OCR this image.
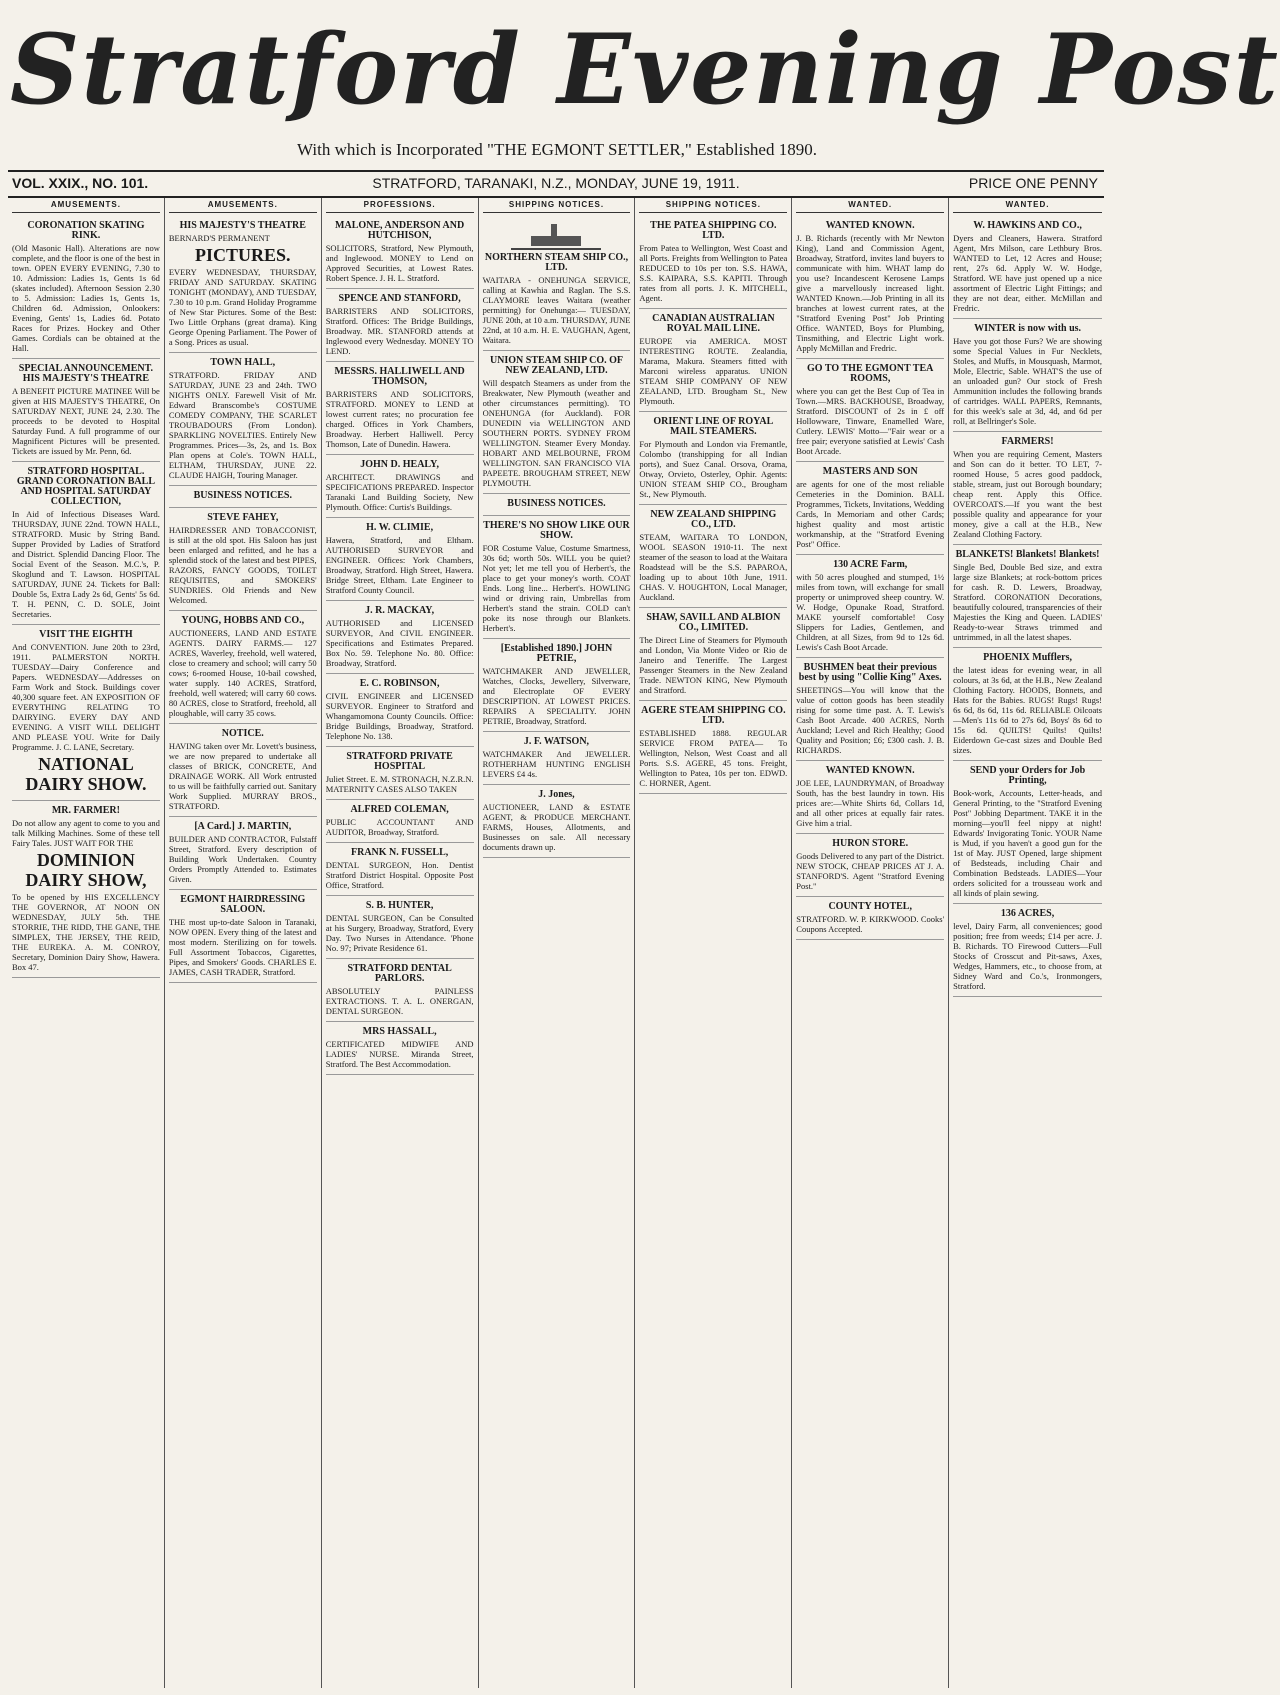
Stratford Evening Post
With which is Incorporated "THE EGMONT SETTLER," Established 1890.
VOL. XXIX., NO. 101.	STRATFORD, TARANAKI, N.Z., MONDAY, JUNE 19, 1911.	PRICE ONE PENNY
AMUSEMENTS.
CORONATION SKATING RINK.

(Old Masonic Hall). Alterations are now complete, and the floor is one of the best in town. OPEN EVERY EVENING, 7.30 to 10. Admission: Ladies 1s, Gents 1s 6d (skates included). Afternoon Session 2.30 to 5. Admission: Ladies 1s, Gents 1s, Children 6d. Admission, Onlookers: Evening, Gents' 1s, Ladies 6d. Potato Races for Prizes. Hockey and Other Games. Cordials can be obtained at the Hall.

SPECIAL ANNOUNCEMENT. HIS MAJESTY'S THEATRE

A BENEFIT PICTURE MATINEE Will be given at HIS MAJESTY'S THEATRE, On SATURDAY NEXT, JUNE 24, 2.30. The proceeds to be devoted to Hospital Saturday Fund. A full programme of our Magnificent Pictures will be presented. Tickets are issued by Mr. Penn, 6d.

STRATFORD HOSPITAL. GRAND CORONATION BALL AND HOSPITAL SATURDAY COLLECTION,

In Aid of Infectious Diseases Ward. THURSDAY, JUNE 22nd. TOWN HALL, STRATFORD. Music by String Band. Supper Provided by Ladies of Stratford and District. Splendid Dancing Floor. The Social Event of the Season. M.C.'s, P. Skoglund and T. Lawson. HOSPITAL SATURDAY, JUNE 24. Tickets for Ball: Double 5s, Extra Lady 2s 6d, Gents' 5s 6d. T. H. PENN, C. D. SOLE, Joint Secretaries.

VISIT THE EIGHTH

And CONVENTION. June 20th to 23rd, 1911. PALMERSTON NORTH. TUESDAY—Dairy Conference and Papers. WEDNESDAY—Addresses on Farm Work and Stock. Buildings cover 40,300 square feet. AN EXPOSITION OF EVERYTHING RELATING TO DAIRYING. EVERY DAY AND EVENING. A VISIT WILL DELIGHT AND PLEASE YOU. Write for Daily Programme. J. C. LANE, Secretary.

NATIONAL DAIRY SHOW.
MR. FARMER!

Do not allow any agent to come to you and talk Milking Machines. Some of these tell Fairy Tales. JUST WAIT FOR THE

DOMINION DAIRY SHOW,

To be opened by HIS EXCELLENCY THE GOVERNOR, AT NOON ON WEDNESDAY, JULY 5th. THE STORRIE, THE RIDD, THE GANE, THE SIMPLEX, THE JERSEY, THE REID, THE EUREKA. A. M. CONROY, Secretary, Dominion Dairy Show, Hawera. Box 47.

AMUSEMENTS.
HIS MAJESTY'S THEATRE

BERNARD'S PERMANENT

PICTURES.

EVERY WEDNESDAY, THURSDAY, FRIDAY AND SATURDAY. SKATING TONIGHT (MONDAY), AND TUESDAY, 7.30 to 10 p.m. Grand Holiday Programme of New Star Pictures. Some of the Best: Two Little Orphans (great drama). King George Opening Parliament. The Power of a Song. Prices as usual.

TOWN HALL,

STRATFORD. FRIDAY AND SATURDAY, JUNE 23 and 24th. TWO NIGHTS ONLY. Farewell Visit of Mr. Edward Branscombe's COSTUME COMEDY COMPANY, THE SCARLET TROUBADOURS (From London). SPARKLING NOVELTIES. Entirely New Programmes. Prices—3s, 2s, and 1s. Box Plan opens at Cole's. TOWN HALL, ELTHAM, THURSDAY, JUNE 22. CLAUDE HAIGH, Touring Manager.

BUSINESS NOTICES.
STEVE FAHEY,

HAIRDRESSER AND TOBACCONIST, is still at the old spot. His Saloon has just been enlarged and refitted, and he has a splendid stock of the latest and best PIPES, RAZORS, FANCY GOODS, TOILET REQUISITES, and SMOKERS' SUNDRIES. Old Friends and New Welcomed.

YOUNG, HOBBS AND CO.,

AUCTIONEERS, LAND AND ESTATE AGENTS. DAIRY FARMS.— 127 ACRES, Waverley, freehold, well watered, close to creamery and school; will carry 50 cows; 6-roomed House, 10-bail cowshed, water supply. 140 ACRES, Stratford, freehold, well watered; will carry 60 cows. 80 ACRES, close to Stratford, freehold, all ploughable, will carry 35 cows.

NOTICE.

HAVING taken over Mr. Lovett's business, we are now prepared to undertake all classes of BRICK, CONCRETE, And DRAINAGE WORK. All Work entrusted to us will be faithfully carried out. Sanitary Work Supplied. MURRAY BROS., STRATFORD.

[A Card.] J. MARTIN,

BUILDER AND CONTRACTOR, Fulstaff Street, Stratford. Every description of Building Work Undertaken. Country Orders Promptly Attended to. Estimates Given.

EGMONT HAIRDRESSING SALOON.

THE most up-to-date Saloon in Taranaki, NOW OPEN. Every thing of the latest and most modern. Sterilizing on for towels. Full Assortment Tobaccos, Cigarettes, Pipes, and Smokers' Goods. CHARLES E. JAMES, CASH TRADER, Stratford.

PROFESSIONS.
MALONE, ANDERSON AND HUTCHISON,

SOLICITORS, Stratford, New Plymouth, and Inglewood. MONEY to Lend on Approved Securities, at Lowest Rates. Robert Spence. J. H. L. Stratford.

SPENCE AND STANFORD,

BARRISTERS AND SOLICITORS, Stratford. Offices: The Bridge Buildings, Broadway. MR. STANFORD attends at Inglewood every Wednesday. MONEY TO LEND.

MESSRS. HALLIWELL AND THOMSON,

BARRISTERS AND SOLICITORS, STRATFORD. MONEY to LEND at lowest current rates; no procuration fee charged. Offices in York Chambers, Broadway. Herbert Halliwell. Percy Thomson, Late of Dunedin. Hawera.

JOHN D. HEALY,

ARCHITECT. DRAWINGS and SPECIFICATIONS PREPARED. Inspector Taranaki Land Building Society, New Plymouth. Office: Curtis's Buildings.

H. W. CLIMIE,

Hawera, Stratford, and Eltham. AUTHORISED SURVEYOR and ENGINEER. Offices: York Chambers, Broadway, Stratford. High Street, Hawera. Bridge Street, Eltham. Late Engineer to Stratford County Council.

J. R. MACKAY,

AUTHORISED and LICENSED SURVEYOR, And CIVIL ENGINEER. Specifications and Estimates Prepared. Box No. 59. Telephone No. 80. Office: Broadway, Stratford.

E. C. ROBINSON,

CIVIL ENGINEER and LICENSED SURVEYOR. Engineer to Stratford and Whangamomona County Councils. Office: Bridge Buildings, Broadway, Stratford. Telephone No. 138.

STRATFORD PRIVATE HOSPITAL

Juliet Street. E. M. STRONACH, N.Z.R.N. MATERNITY CASES ALSO TAKEN

ALFRED COLEMAN,

PUBLIC ACCOUNTANT AND AUDITOR, Broadway, Stratford.

FRANK N. FUSSELL,

DENTAL SURGEON, Hon. Dentist Stratford District Hospital. Opposite Post Office, Stratford.

S. B. HUNTER,

DENTAL SURGEON, Can be Consulted at his Surgery, Broadway, Stratford, Every Day. Two Nurses in Attendance. 'Phone No. 97; Private Residence 61.

STRATFORD DENTAL PARLORS.

ABSOLUTELY PAINLESS EXTRACTIONS. T. A. L. ONERGAN, DENTAL SURGEON.

MRS HASSALL,

CERTIFICATED MIDWIFE AND LADIES' NURSE. Miranda Street, Stratford. The Best Accommodation.

SHIPPING NOTICES.
NORTHERN STEAM SHIP CO., LTD.

WAITARA - ONEHUNGA SERVICE, calling at Kawhia and Raglan. The S.S. CLAYMORE leaves Waitara (weather permitting) for Onehunga:— TUESDAY, JUNE 20th, at 10 a.m. THURSDAY, JUNE 22nd, at 10 a.m. H. E. VAUGHAN, Agent, Waitara.

UNION STEAM SHIP CO. OF NEW ZEALAND, LTD.

Will despatch Steamers as under from the Breakwater, New Plymouth (weather and other circumstances permitting). TO ONEHUNGA (for Auckland). FOR DUNEDIN via WELLINGTON AND SOUTHERN PORTS. SYDNEY FROM WELLINGTON. Steamer Every Monday. HOBART AND MELBOURNE, FROM WELLINGTON. SAN FRANCISCO VIA PAPEETE. BROUGHAM STREET, NEW PLYMOUTH.

BUSINESS NOTICES.
THERE'S NO SHOW LIKE OUR SHOW.

FOR Costume Value, Costume Smartness, 30s 6d; worth 50s. WILL you be quiet? Not yet; let me tell you of Herbert's, the place to get your money's worth. COAT Ends. Long line... Herbert's. HOWLING wind or driving rain, Umbrellas from Herbert's stand the strain. COLD can't poke its nose through our Blankets. Herbert's.

[Established 1890.] JOHN PETRIE,

WATCHMAKER AND JEWELLER, Watches, Clocks, Jewellery, Silverware, and Electroplate OF EVERY DESCRIPTION. AT LOWEST PRICES. REPAIRS A SPECIALITY. JOHN PETRIE, Broadway, Stratford.

J. F. WATSON,

WATCHMAKER And JEWELLER. ROTHERHAM HUNTING ENGLISH LEVERS £4 4s.

J. Jones,

AUCTIONEER, LAND & ESTATE AGENT, & PRODUCE MERCHANT. FARMS, Houses, Allotments, and Businesses on sale. All necessary documents drawn up.

SHIPPING NOTICES.
THE PATEA SHIPPING CO. LTD.

From Patea to Wellington, West Coast and all Ports. Freights from Wellington to Patea REDUCED to 10s per ton. S.S. HAWA, S.S. KAIPARA, S.S. KAPITI. Through rates from all ports. J. K. MITCHELL, Agent.

CANADIAN AUSTRALIAN ROYAL MAIL LINE.

EUROPE via AMERICA. MOST INTERESTING ROUTE. Zealandia, Marama, Makura. Steamers fitted with Marconi wireless apparatus. UNION STEAM SHIP COMPANY OF NEW ZEALAND, LTD. Brougham St., New Plymouth.

ORIENT LINE OF ROYAL MAIL STEAMERS.

For Plymouth and London via Fremantle, Colombo (transhipping for all Indian ports), and Suez Canal. Orsova, Orama, Otway, Orvieto, Osterley, Ophir. Agents: UNION STEAM SHIP CO., Brougham St., New Plymouth.

NEW ZEALAND SHIPPING CO., LTD.

STEAM, WAITARA TO LONDON, WOOL SEASON 1910-11. The next steamer of the season to load at the Waitara Roadstead will be the S.S. PAPAROA, loading up to about 10th June, 1911. CHAS. V. HOUGHTON, Local Manager, Auckland.

SHAW, SAVILL AND ALBION CO., LIMITED.

The Direct Line of Steamers for Plymouth and London, Via Monte Video or Rio de Janeiro and Teneriffe. The Largest Passenger Steamers in the New Zealand Trade. NEWTON KING, New Plymouth and Stratford.

AGERE STEAM SHIPPING CO. LTD.

ESTABLISHED 1888. REGULAR SERVICE FROM PATEA— To Wellington, Nelson, West Coast and all Ports. S.S. AGERE, 45 tons. Freight, Wellington to Patea, 10s per ton. EDWD. C. HORNER, Agent.

WANTED.
WANTED KNOWN.

J. B. Richards (recently with Mr Newton King), Land and Commission Agent, Broadway, Stratford, invites land buyers to communicate with him. WHAT lamp do you use? Incandescent Kerosene Lamps give a marvellously increased light. WANTED Known.—Job Printing in all its branches at lowest current rates, at the "Stratford Evening Post" Job Printing Office. WANTED, Boys for Plumbing, Tinsmithing, and Electric Light work. Apply McMillan and Fredric.

GO TO THE EGMONT TEA ROOMS,

where you can get the Best Cup of Tea in Town.—MRS. BACKHOUSE, Broadway, Stratford. DISCOUNT of 2s in £ off Hollowware, Tinware, Enamelled Ware, Cutlery. LEWIS' Motto—"Fair wear or a free pair; everyone satisfied at Lewis' Cash Boot Arcade.

MASTERS AND SON

are agents for one of the most reliable Cemeteries in the Dominion. BALL Programmes, Tickets, Invitations, Wedding Cards, In Memoriam and other Cards; highest quality and most artistic workmanship, at the "Stratford Evening Post" Office.

130 ACRE Farm,

with 50 acres ploughed and stumped, 1½ miles from town, will exchange for small property or unimproved sheep country. W. W. Hodge, Opunake Road, Stratford. MAKE yourself comfortable! Cosy Slippers for Ladies, Gentlemen, and Children, at all Sizes, from 9d to 12s 6d. Lewis's Cash Boot Arcade.

BUSHMEN beat their previous best by using "Collie King" Axes.

SHEETINGS—You will know that the value of cotton goods has been steadily rising for some time past. A. T. Lewis's Cash Boot Arcade. 400 ACRES, North Auckland; Level and Rich Healthy; Good Quality and Position; £6; £300 cash. J. B. RICHARDS.

WANTED KNOWN.

JOE LEE, LAUNDRYMAN, of Broadway South, has the best laundry in town. His prices are:—White Shirts 6d, Collars 1d, and all other prices at equally fair rates. Give him a trial.

HURON STORE.

Goods Delivered to any part of the District. NEW STOCK, CHEAP PRICES AT J. A. STANFORD'S. Agent "Stratford Evening Post."

COUNTY HOTEL,

STRATFORD. W. P. KIRKWOOD. Cooks' Coupons Accepted.

WANTED.
W. HAWKINS AND CO.,

Dyers and Cleaners, Hawera. Stratford Agent, Mrs Milson, care Lethbury Bros. WANTED to Let, 12 Acres and House; rent, 27s 6d. Apply W. W. Hodge, Stratford. WE have just opened up a nice assortment of Electric Light Fittings; and they are not dear, either. McMillan and Fredric.

WINTER is now with us.

Have you got those Furs? We are showing some Special Values in Fur Necklets, Stoles, and Muffs, in Mousquash, Marmot, Mole, Electric, Sable. WHAT'S the use of an unloaded gun? Our stock of Fresh Ammunition includes the following brands of cartridges. WALL PAPERS, Remnants, for this week's sale at 3d, 4d, and 6d per roll, at Bellringer's Sole.

FARMERS!

When you are requiring Cement, Masters and Son can do it better. TO LET, 7-roomed House, 5 acres good paddock, stable, stream, just out Borough boundary; cheap rent. Apply this Office. OVERCOATS.—If you want the best possible quality and appearance for your money, give a call at the H.B., New Zealand Clothing Factory.

BLANKETS! Blankets! Blankets!

Single Bed, Double Bed size, and extra large size Blankets; at rock-bottom prices for cash. R. D. Lewers, Broadway, Stratford. CORONATION Decorations, beautifully coloured, transparencies of their Majesties the King and Queen. LADIES' Ready-to-wear Straws trimmed and untrimmed, in all the latest shapes.

PHOENIX Mufflers,

the latest ideas for evening wear, in all colours, at 3s 6d, at the H.B., New Zealand Clothing Factory. HOODS, Bonnets, and Hats for the Babies. RUGS! Rugs! Rugs! 6s 6d, 8s 6d, 11s 6d. RELIABLE Oilcoats—Men's 11s 6d to 27s 6d, Boys' 8s 6d to 15s 6d. QUILTS! Quilts! Quilts! Eiderdown Ge-cast sizes and Double Bed sizes.

SEND your Orders for Job Printing,

Book-work, Accounts, Letter-heads, and General Printing, to the "Stratford Evening Post" Jobbing Department. TAKE it in the morning—you'll feel nippy at night! Edwards' Invigorating Tonic. YOUR Name is Mud, if you haven't a good gun for the 1st of May. JUST Opened, large shipment of Bedsteads, including Chair and Combination Bedsteads. LADIES—Your orders solicited for a trousseau work and all kinds of plain sewing.

136 ACRES,

level, Dairy Farm, all conveniences; good position; free from weeds; £14 per acre. J. B. Richards. TO Firewood Cutters—Full Stocks of Crosscut and Pit-saws, Axes, Wedges, Hammers, etc., to choose from, at Sidney Ward and Co.'s, Ironmongers, Stratford.
